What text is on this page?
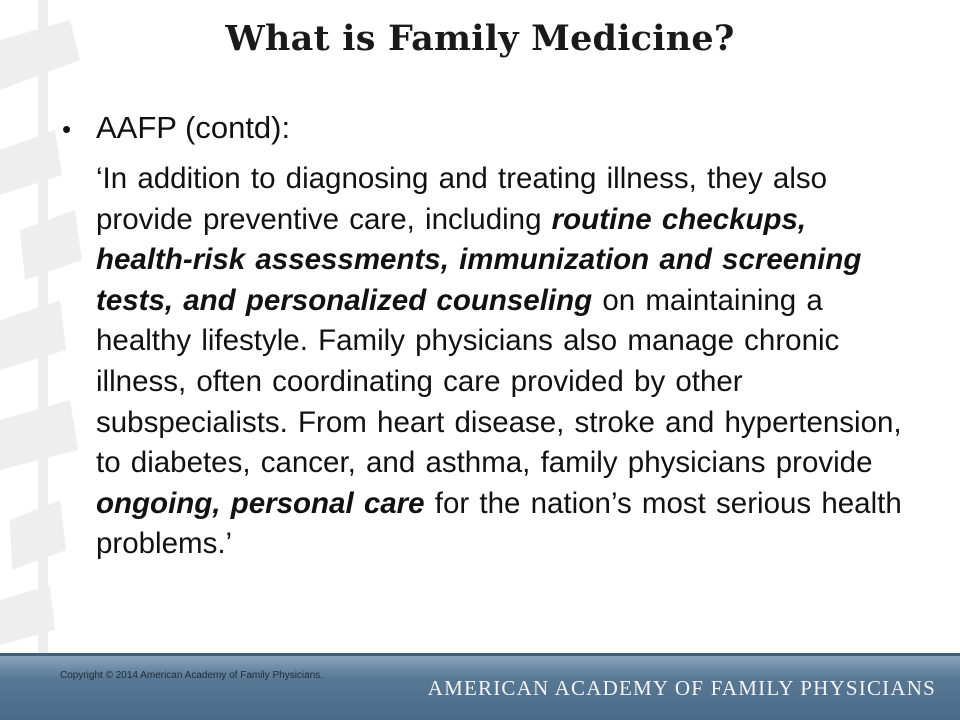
What is Family Medicine?
• AAFP (contd):
‘In addition to diagnosing and treating illness, they also provide preventive care, including routine checkups, health-risk assessments, immunization and screening tests, and personalized counseling on maintaining a healthy lifestyle. Family physicians also manage chronic illness, often coordinating care provided by other subspecialists. From heart disease, stroke and hypertension, to diabetes, cancer, and asthma, family physicians provide ongoing, personal care for the nation’s most serious health problems.’
Copyright © 2014 American Academy of Family Physicians.
AMERICAN ACADEMY OF FAMILY PHYSICIANS
